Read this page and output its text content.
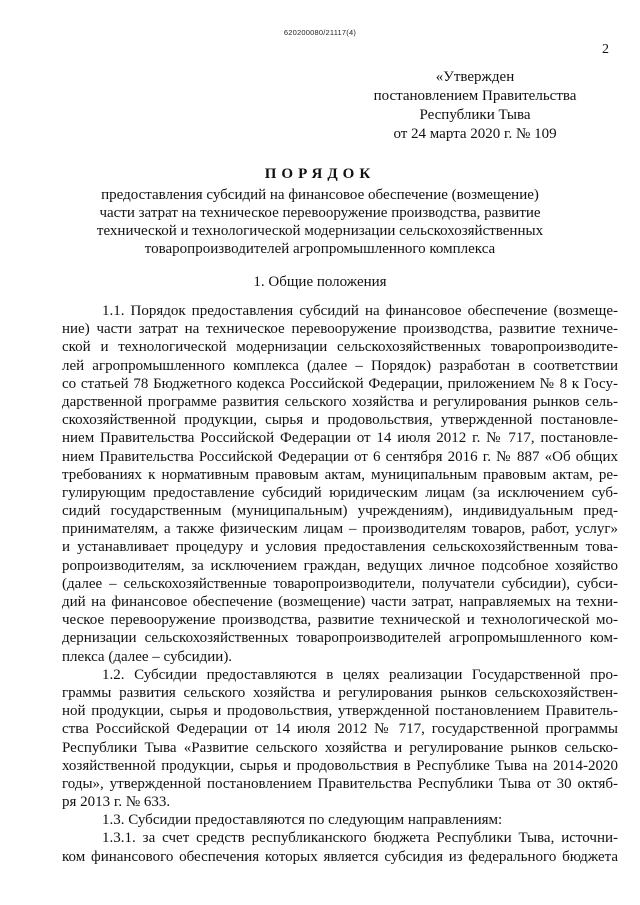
620200080/21117(4)
2
«Утвержден
постановлением Правительства
Республики Тыва
от 24 марта 2020 г. № 109
ПОРЯДОК
предоставления субсидий на финансовое обеспечение (возмещение)
части затрат на техническое перевооружение производства, развитие
технической и технологической модернизации сельскохозяйственных
товаропроизводителей агропромышленного комплекса
1. Общие положения
1.1. Порядок предоставления субсидий на финансовое обеспечение (возмеще-
ние) части затрат на техническое перевооружение производства, развитие техниче-
ской и технологической модернизации сельскохозяйственных товаропроизводите-
лей агропромышленного комплекса (далее – Порядок) разработан в соответствии
со статьей 78 Бюджетного кодекса Российской Федерации, приложением № 8 к Госу-
дарственной программе развития сельского хозяйства и регулирования рынков сель-
скохозяйственной продукции, сырья и продовольствия, утвержденной постановле-
нием Правительства Российской Федерации от 14 июля 2012 г. № 717, постановле-
нием Правительства Российской Федерации от 6 сентября 2016 г. № 887 «Об общих
требованиях к нормативным правовым актам, муниципальным правовым актам, ре-
гулирующим предоставление субсидий юридическим лицам (за исключением суб-
сидий государственным (муниципальным) учреждениям), индивидуальным пред-
принимателям, а также физическим лицам – производителям товаров, работ, услуг»
и устанавливает процедуру и условия предоставления сельскохозяйственным това-
ропроизводителям, за исключением граждан, ведущих личное подсобное хозяйство
(далее – сельскохозяйственные товаропроизводители, получатели субсидии), субси-
дий на финансовое обеспечение (возмещение) части затрат, направляемых на техни-
ческое перевооружение производства, развитие технической и технологической мо-
дернизации сельскохозяйственных товаропроизводителей агропромышленного ком-
плекса (далее – субсидии).
1.2. Субсидии предоставляются в целях реализации Государственной про-
граммы развития сельского хозяйства и регулирования рынков сельскохозяйствен-
ной продукции, сырья и продовольствия, утвержденной постановлением Правитель-
ства Российской Федерации от 14 июля 2012 № 717, государственной программы
Республики Тыва «Развитие сельского хозяйства и регулирование рынков сельско-
хозяйственной продукции, сырья и продовольствия в Республике Тыва на 2014-2020
годы», утвержденной постановлением Правительства Республики Тыва от 30 октяб-
ря 2013 г. № 633.
1.3. Субсидии предоставляются по следующим направлениям:
1.3.1. за счет средств республиканского бюджета Республики Тыва, источни-
ком финансового обеспечения которых является субсидия из федерального бюджета
